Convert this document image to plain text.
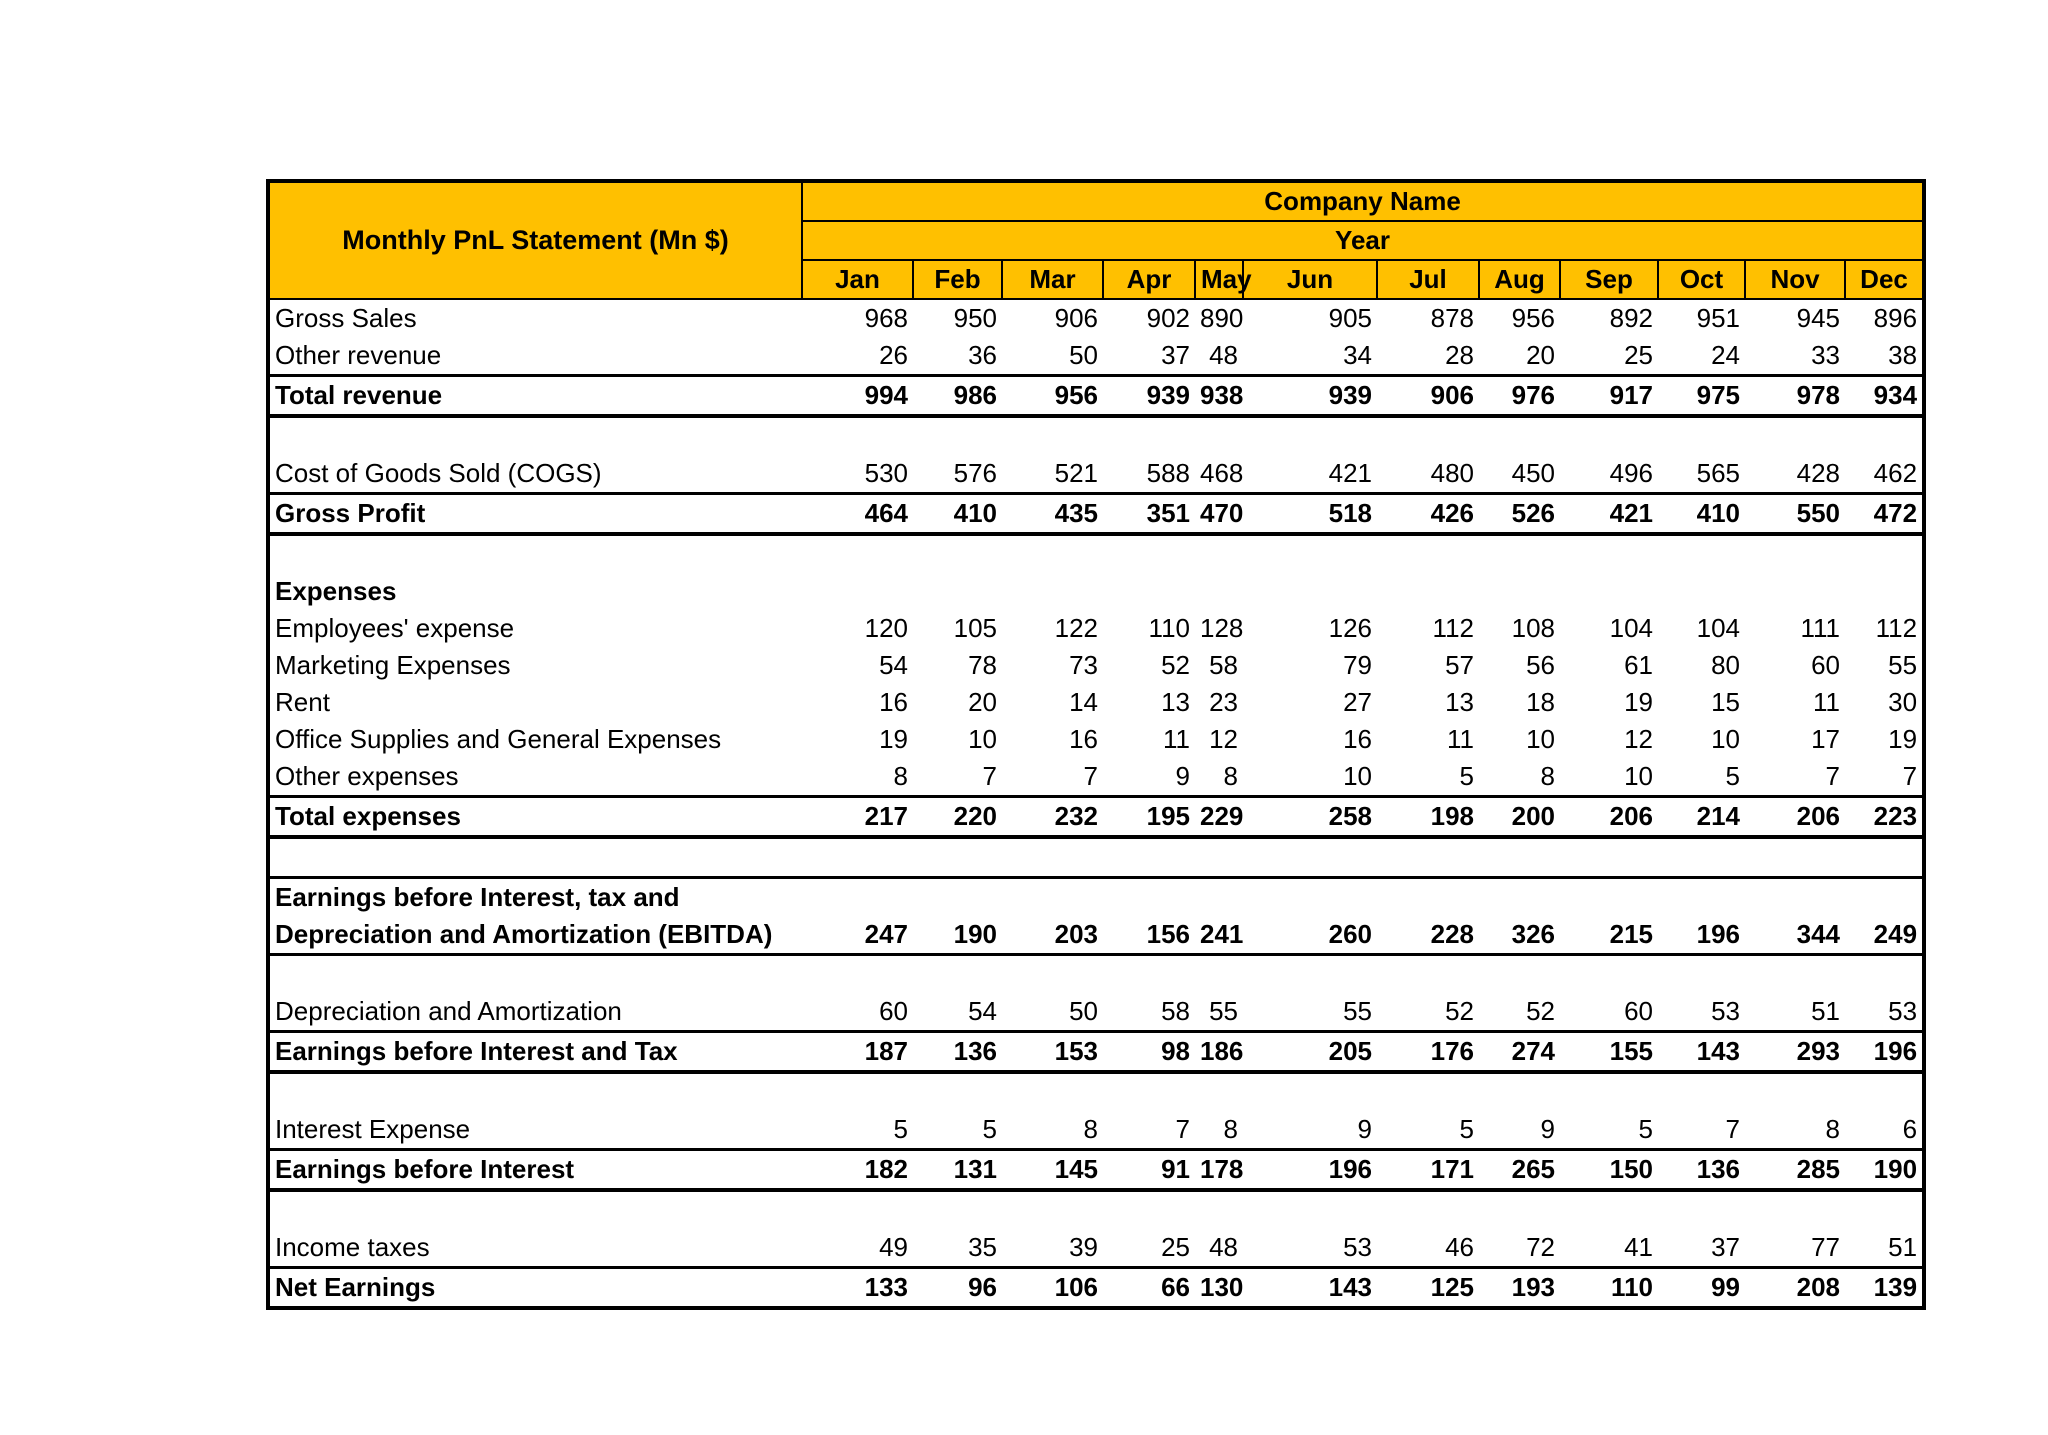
Monthly PnL Statement (Mn $)	Company Name											
	Year											
	Jan	Feb	Mar	Apr	May	Jun	Jul	Aug	Sep	Oct	Nov	Dec
Gross Sales	968	950	906	902	890	905	878	956	892	951	945	896
Other revenue	26	36	50	37	48	34	28	20	25	24	33	38
Total revenue	994	986	956	939	938	939	906	976	917	975	978	934

Cost of Goods Sold (COGS)	530	576	521	588	468	421	480	450	496	565	428	462
Gross Profit	464	410	435	351	470	518	426	526	421	410	550	472

Expenses												
Employees' expense	120	105	122	110	128	126	112	108	104	104	111	112
Marketing Expenses	54	78	73	52	58	79	57	56	61	80	60	55
Rent	16	20	14	13	23	27	13	18	19	15	11	30
Office Supplies and General Expenses	19	10	16	11	12	16	11	10	12	10	17	19
Other expenses	8	7	7	9	8	10	5	8	10	5	7	7
Total expenses	217	220	232	195	229	258	198	200	206	214	206	223

Earnings before Interest, tax and												
Depreciation and Amortization (EBITDA)	247	190	203	156	241	260	228	326	215	196	344	249

Depreciation and Amortization	60	54	50	58	55	55	52	52	60	53	51	53
Earnings before Interest and Tax	187	136	153	98	186	205	176	274	155	143	293	196

Interest Expense	5	5	8	7	8	9	5	9	5	7	8	6
Earnings before Interest	182	131	145	91	178	196	171	265	150	136	285	190

Income taxes	49	35	39	25	48	53	46	72	41	37	77	51
Net Earnings	133	96	106	66	130	143	125	193	110	99	208	139
